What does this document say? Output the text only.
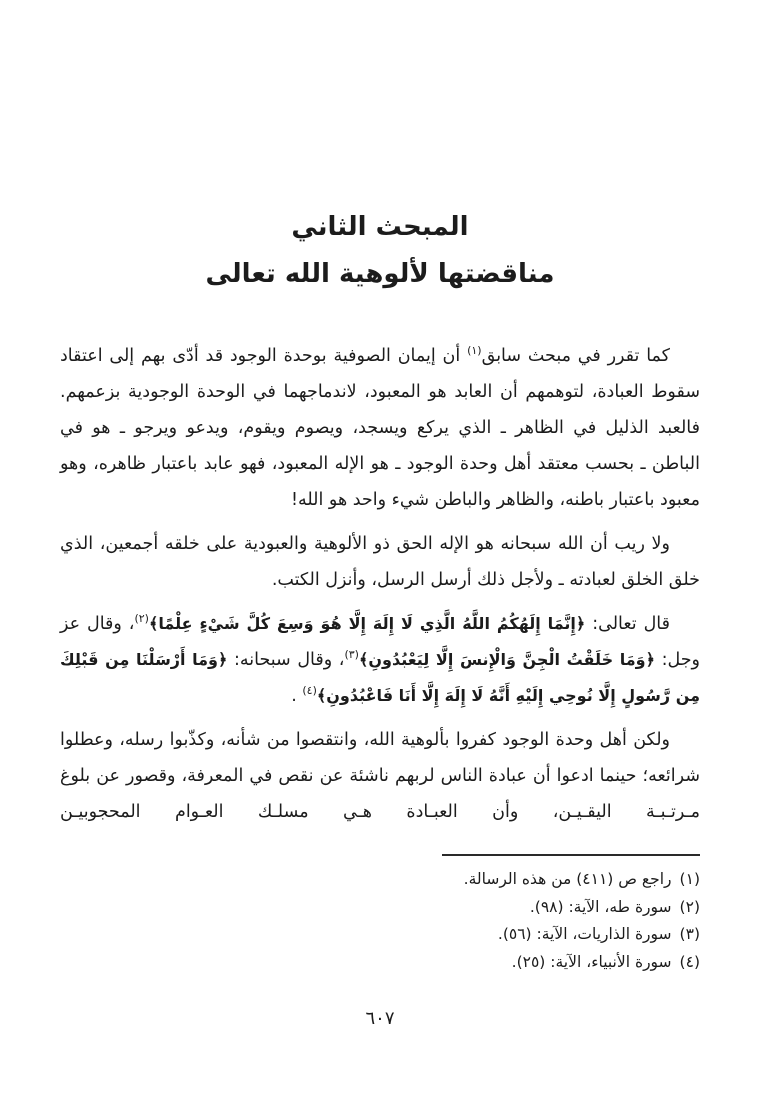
المبحث الثاني
مناقضتها لألوهية الله تعالى

كما تقرر في مبحث سابق$^{(١)}$ أن إيمان الصوفية بوحدة الوجود قد أدّى بهم إلى اعتقاد سقوط العبادة، لتوهمهم أن العابد هو المعبود، لاندماجهما في الوحدة الوجودية بزعمهم. فالعبد الذليل في الظاهر ـ الذي يركع ويسجد، ويصوم ويقوم، ويدعو ويرجو ـ هو في الباطن ـ بحسب معتقد أهل وحدة الوجود ـ هو الإله المعبود، فهو عابد باعتبار ظاهره، وهو معبود باعتبار باطنه، والظاهر والباطن شيء واحد هو الله!

ولا ريب أن الله سبحانه هو الإله الحق ذو الألوهية والعبودية على خلقه أجمعين، الذي خلق الخلق لعبادته ـ ولأجل ذلك أرسل الرسل، وأنزل الكتب.

قال تعالى: ﴿إِنَّمَا إِلَهُكُمُ اللَّهُ الَّذِي لَا إِلَهَ إِلَّا هُوَ وَسِعَ كُلَّ شَيْءٍ عِلْمًا﴾$^{(٢)}$، وقال عز وجل: ﴿وَمَا خَلَقْتُ الْجِنَّ وَالْإِنسَ إِلَّا لِيَعْبُدُونِ﴾$^{(٣)}$، وقال سبحانه: ﴿وَمَا أَرْسَلْنَا مِن قَبْلِكَ مِن رَّسُولٍ إِلَّا نُوحِي إِلَيْهِ أَنَّهُ لَا إِلَهَ إِلَّا أَنَا فَاعْبُدُونِ﴾$^{(٤)}$ .

ولكن أهل وحدة الوجود كفروا بألوهية الله، وانتقصوا من شأنه، وكذّبوا رسله، وعطلوا شرائعه؛ حينما ادعوا أن عبادة الناس لربهم ناشئة عن نقص في المعرفة، وقصور عن بلوغ مـرتـبـة اليقـيـن، وأن العبـادة هـي مسلـك العـوام المحجوبيـن

(١)
راجع ص (٤١١) من هذه الرسالة.
(٢)
سورة طه، الآية: (٩٨).
(٣)
سورة الذاريات، الآية: (٥٦).
(٤)
سورة الأنبياء، الآية: (٢٥).
٦٠٧
